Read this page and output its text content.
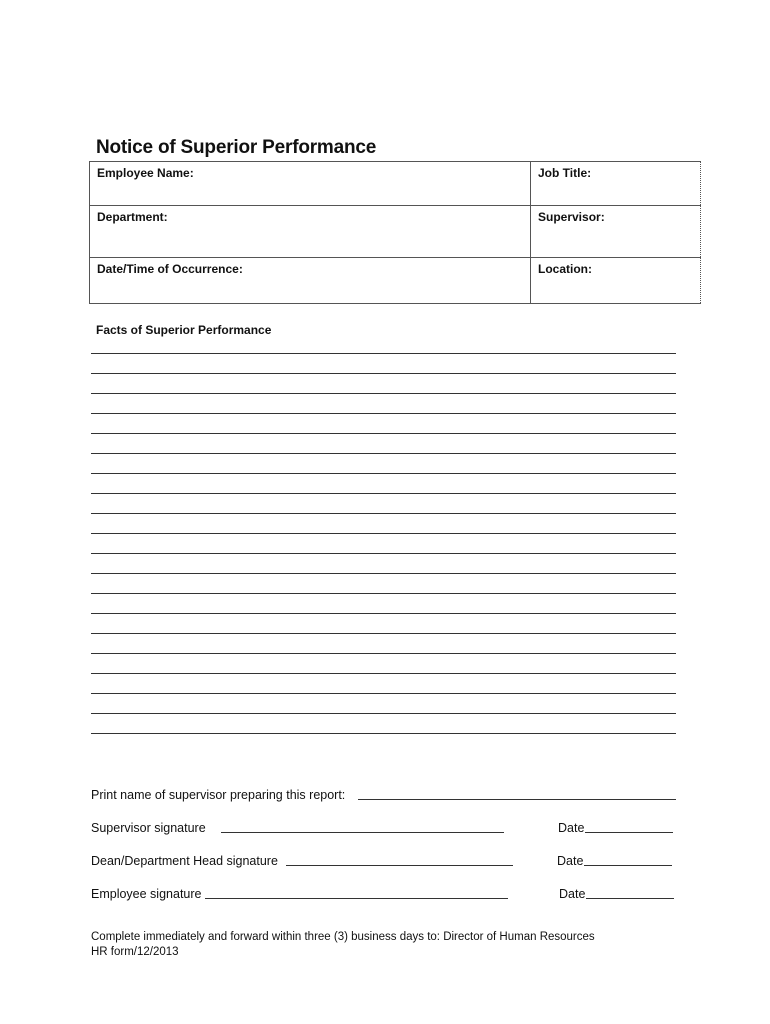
Notice of Superior Performance
Employee Name:	Job Title:
Department:	Supervisor:
Date/Time of Occurrence:	Location:
Facts of Superior Performance
Print name of supervisor preparing this report:
Supervisor signature	Date
Dean/Department Head signature	Date
Employee signature	Date
Complete immediately and forward within three (3) business days to: Director of Human Resources
HR form/12/2013
